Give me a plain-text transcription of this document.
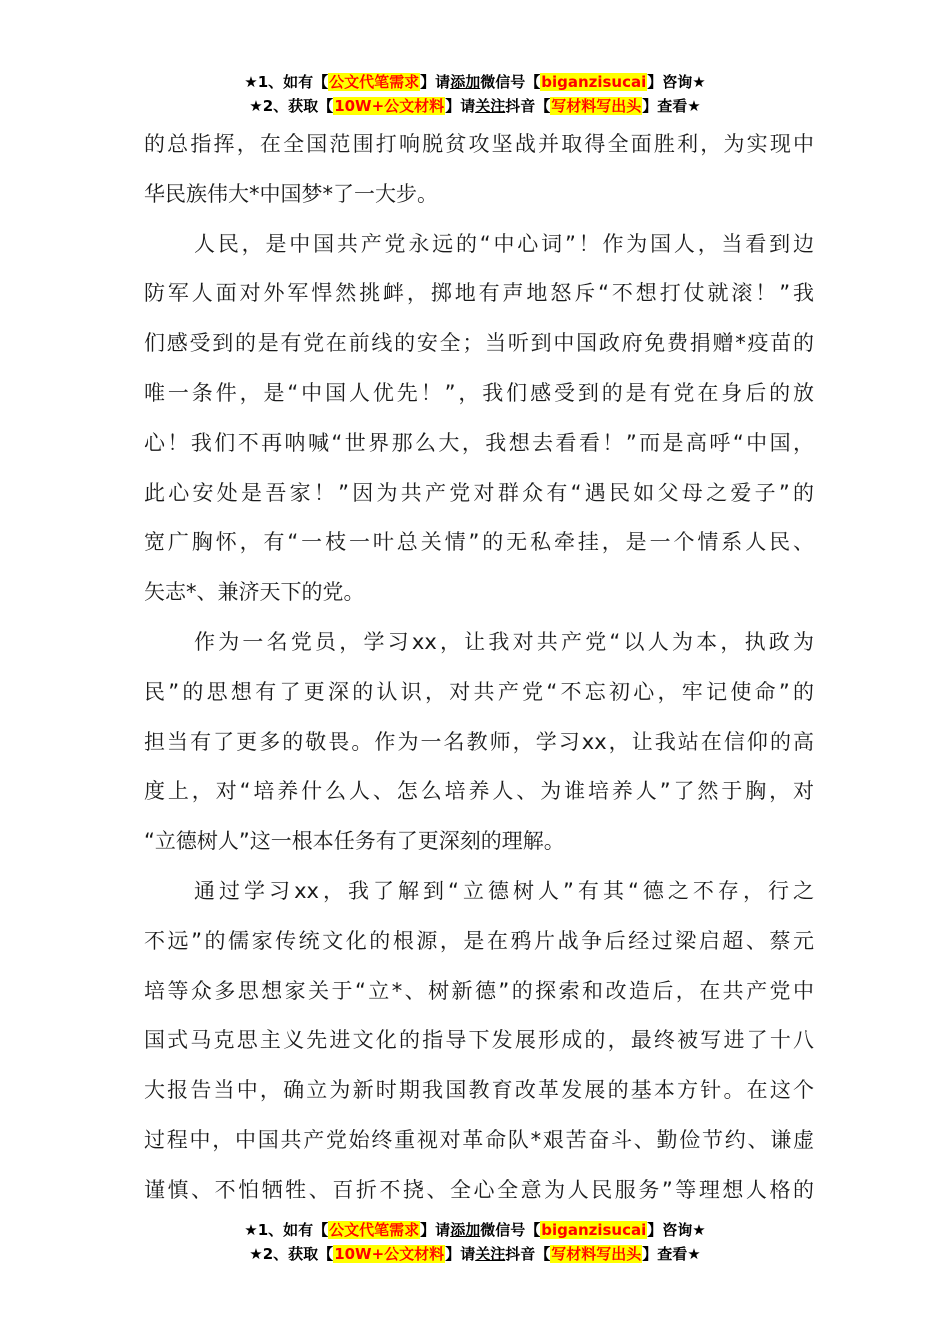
★1、如有【公文代笔需求】请添加微信号【biganzisucai】咨询★
★2、获取【10W+公文材料】请关注抖音【写材料写出头】查看★
的总指挥，在全国范围打响脱贫攻坚战并取得全面胜利，为实现中
华民族伟大*中国梦*了一大步。
人民，是中国共产党永远的“中心词”！作为国人，当看到边
防军人面对外军悍然挑衅，掷地有声地怒斥“不想打仗就滚！”我
们感受到的是有党在前线的安全；当听到中国政府免费捐赠*疫苗的
唯一条件，是“中国人优先！”，我们感受到的是有党在身后的放
心！我们不再呐喊“世界那么大，我想去看看！”而是高呼“中国，
此心安处是吾家！”因为共产党对群众有“遇民如父母之爱子”的
宽广胸怀，有“一枝一叶总关情”的无私牵挂，是一个情系人民、
矢志*、兼济天下的党。
作为一名党员，学习xx，让我对共产党“以人为本，执政为
民”的思想有了更深的认识，对共产党“不忘初心，牢记使命”的
担当有了更多的敬畏。作为一名教师，学习xx，让我站在信仰的高
度上，对“培养什么人、怎么培养人、为谁培养人”了然于胸，对
“立德树人”这一根本任务有了更深刻的理解。
通过学习xx，我了解到“立德树人”有其“德之不存，行之
不远”的儒家传统文化的根源，是在鸦片战争后经过梁启超、蔡元
培等众多思想家关于“立*、树新德”的探索和改造后，在共产党中
国式马克思主义先进文化的指导下发展形成的，最终被写进了十八
大报告当中，确立为新时期我国教育改革发展的基本方针。在这个
过程中，中国共产党始终重视对革命队*艰苦奋斗、勤俭节约、谦虚
谨慎、不怕牺牲、百折不挠、全心全意为人民服务”等理想人格的
★1、如有【公文代笔需求】请添加微信号【biganzisucai】咨询★
★2、获取【10W+公文材料】请关注抖音【写材料写出头】查看★
